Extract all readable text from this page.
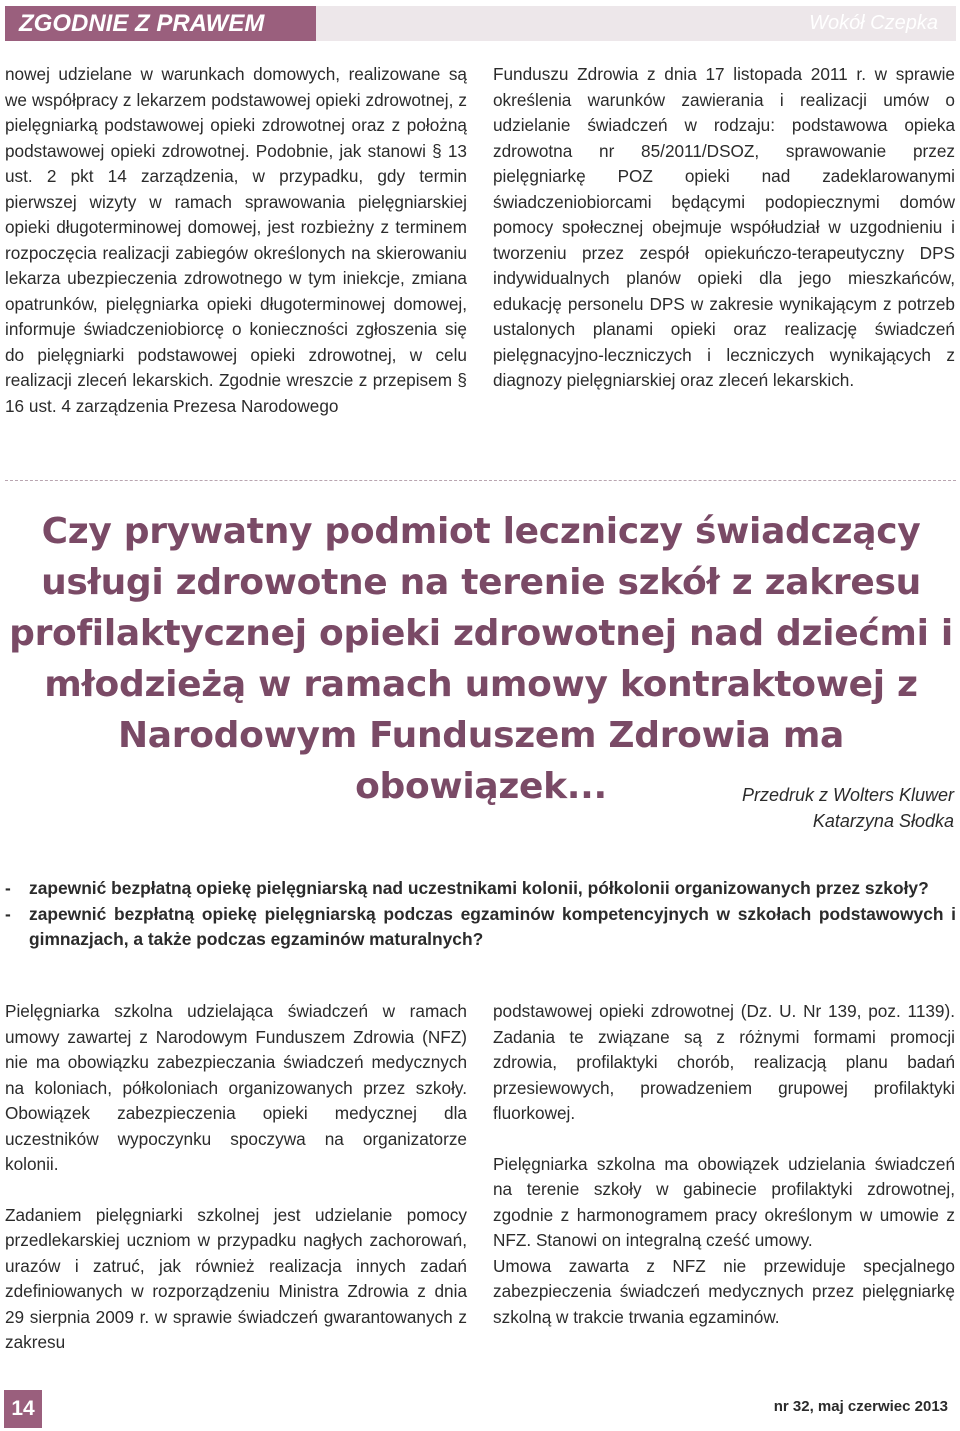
ZGODNIE Z PRAWEM	Wokół Czepka

nowej udzielane w warunkach domowych, realizowane są we współpracy z lekarzem podstawowej opieki zdrowotnej, z pielęgniarką podstawowej opieki zdrowotnej oraz z położną podstawowej opieki zdrowotnej. Podobnie, jak stanowi § 13 ust. 2 pkt 14 zarządzenia, w przypadku, gdy termin pierwszej wizyty w ramach sprawowania pielęgniarskiej opieki długoterminowej domowej, jest rozbieżny z terminem rozpoczęcia realizacji zabiegów określonych na skierowaniu lekarza ubezpieczenia zdrowotnego w tym iniekcje, zmiana opatrunków, pielęgniarka opieki długoterminowej domowej, informuje świadczeniobiorcę o konieczności zgłoszenia się do pielęgniarki podstawowej opieki zdrowotnej, w celu realizacji zleceń lekarskich. Zgodnie wreszcie z przepisem § 16 ust. 4 zarządzenia Prezesa Narodowego

Funduszu Zdrowia z dnia 17 listopada 2011 r. w sprawie określenia warunków zawierania i realizacji umów o udzielanie świadczeń w rodzaju: podstawowa opieka zdrowotna nr 85/2011/DSOZ, sprawowanie przez pielęgniarkę POZ opieki nad zadeklarowanymi świadczeniobiorcami będącymi podopiecznymi domów pomocy społecznej obejmuje współudział w uzgodnieniu i tworzeniu przez zespół opiekuńczo-terapeutyczny DPS indywidualnych planów opieki dla jego mieszkańców, edukację personelu DPS w zakresie wynikającym z potrzeb ustalonych planami opieki oraz realizację świadczeń pielęgnacyjno-leczniczych i leczniczych wynikających z diagnozy pielęgniarskiej oraz zleceń lekarskich.

Czy prywatny podmiot leczniczy świadczący usługi zdrowotne na terenie szkół z zakresu profilaktycznej opieki zdrowotnej nad dziećmi i młodzieżą w ramach umowy kontraktowej z Narodowym Funduszem Zdrowia ma obowiązek...	Przedruk z Wolters Kluwer
Katarzyna Słodka
- zapewnić bezpłatną opiekę pielęgniarską nad uczestnikami kolonii, półkolonii organizowanych przez szkoły?
- zapewnić bezpłatną opiekę pielęgniarską podczas egzaminów kompetencyjnych w szkołach podstawowych i gimnazjach, a także podczas egzaminów maturalnych?

Pielęgniarka szkolna udzielająca świadczeń w ramach umowy zawartej z Narodowym Funduszem Zdrowia (NFZ) nie ma obowiązku zabezpieczania świadczeń medycznych na koloniach, półkoloniach organizowanych przez szkoły. Obowiązek zabezpieczenia opieki medycznej dla uczestników wypoczynku spoczywa na organizatorze kolonii.

Zadaniem pielęgniarki szkolnej jest udzielanie pomocy przedlekarskiej uczniom w przypadku nagłych zachorowań, urazów i zatruć, jak również realizacja innych zadań zdefiniowanych w rozporządzeniu Ministra Zdrowia z dnia 29 sierpnia 2009 r. w sprawie świadczeń gwarantowanych z zakresu

podstawowej opieki zdrowotnej (Dz. U. Nr 139, poz. 1139). Zadania te związane są z różnymi formami promocji zdrowia, profilaktyki chorób, realizacją planu badań przesiewowych, prowadzeniem grupowej profilaktyki fluorkowej.

Pielęgniarka szkolna ma obowiązek udzielania świadczeń na terenie szkoły w gabinecie profilaktyki zdrowotnej, zgodnie z harmonogramem pracy określonym w umowie z NFZ. Stanowi on integralną cześć umowy.

Umowa zawarta z NFZ nie przewiduje specjalnego zabezpieczenia świadczeń medycznych przez pielęgniarkę szkolną w trakcie trwania egzaminów.

14	nr 32, maj czerwiec 2013
